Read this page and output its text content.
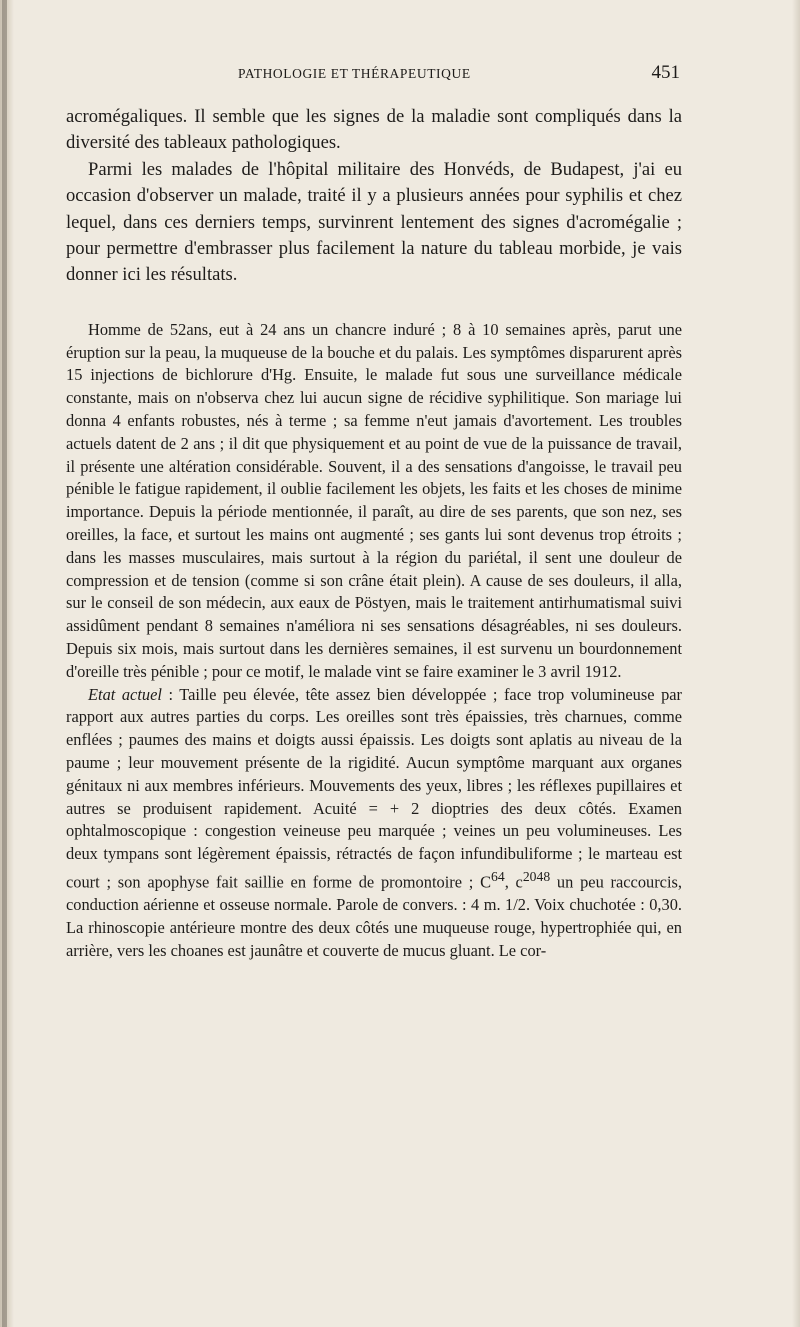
PATHOLOGIE ET THÉRAPEUTIQUE	451

acromégaliques. Il semble que les signes de la maladie sont compliqués dans la diversité des tableaux pathologiques.

Parmi les malades de l'hôpital militaire des Honvéds, de Budapest, j'ai eu occasion d'observer un malade, traité il y a plusieurs années pour syphilis et chez lequel, dans ces derniers temps, survinrent lentement des signes d'acromégalie ; pour permettre d'embrasser plus facilement la nature du tableau morbide, je vais donner ici les résultats.

Homme de 52ans, eut à 24 ans un chancre induré ; 8 à 10 semaines après, parut une éruption sur la peau, la muqueuse de la bouche et du palais. Les symptômes disparurent après 15 injections de bichlorure d'Hg. Ensuite, le malade fut sous une surveillance médicale constante, mais on n'observa chez lui aucun signe de récidive syphilitique. Son mariage lui donna 4 enfants robustes, nés à terme ; sa femme n'eut jamais d'avortement. Les troubles actuels datent de 2 ans ; il dit que physiquement et au point de vue de la puissance de travail, il présente une altération considérable. Souvent, il a des sensations d'angoisse, le travail peu pénible le fatigue rapidement, il oublie facilement les objets, les faits et les choses de minime importance. Depuis la période mentionnée, il paraît, au dire de ses parents, que son nez, ses oreilles, la face, et surtout les mains ont augmenté ; ses gants lui sont devenus trop étroits ; dans les masses musculaires, mais surtout à la région du pariétal, il sent une douleur de compression et de tension (comme si son crâne était plein). A cause de ses douleurs, il alla, sur le conseil de son médecin, aux eaux de Pöstyen, mais le traitement antirhumatismal suivi assidûment pendant 8 semaines n'améliora ni ses sensations désagréables, ni ses douleurs. Depuis six mois, mais surtout dans les dernières semaines, il est survenu un bourdonnement d'oreille très pénible ; pour ce motif, le malade vint se faire examiner le 3 avril 1912.

Etat actuel : Taille peu élevée, tête assez bien développée ; face trop volumineuse par rapport aux autres parties du corps. Les oreilles sont très épaissies, très charnues, comme enflées ; paumes des mains et doigts aussi épaissis. Les doigts sont aplatis au niveau de la paume ; leur mouvement présente de la rigidité. Aucun symptôme marquant aux organes génitaux ni aux membres inférieurs. Mouvements des yeux, libres ; les réflexes pupillaires et autres se produisent rapidement. Acuité = + 2 dioptries des deux côtés. Examen ophtalmoscopique : congestion veineuse peu marquée ; veines un peu volumineuses. Les deux tympans sont légèrement épaissis, rétractés de façon infundibuliforme ; le marteau est court ; son apophyse fait saillie en forme de promontoire ; $C^{64}$, $c^{2048}$ un peu raccourcis, conduction aérienne et osseuse normale. Parole de convers. : 4 m. 1/2. Voix chuchotée : 0,30. La rhinoscopie antérieure montre des deux côtés une muqueuse rouge, hypertrophiée qui, en arrière, vers les choanes est jaunâtre et couverte de mucus gluant. Le cor-
